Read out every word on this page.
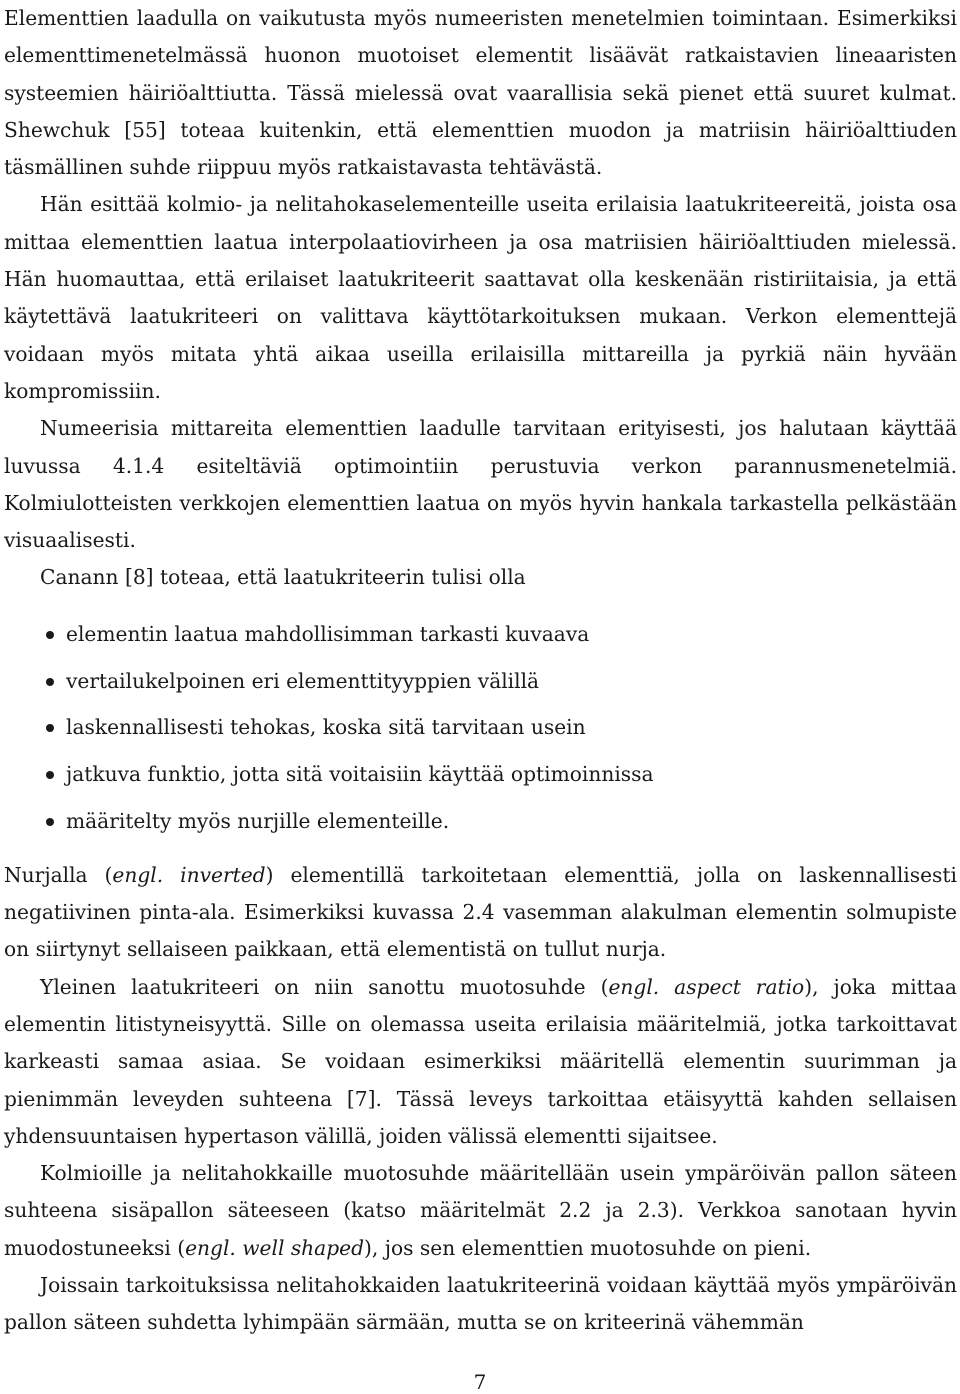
Elementtien laadulla on vaikutusta myös numeeristen menetelmien toimintaan. Esimerkiksi elementtimenetelmässä huonon muotoiset elementit lisäävät ratkaistavien lineaaristen systeemien häiriöalttiutta. Tässä mielessä ovat vaarallisia sekä pienet että suuret kulmat. Shewchuk [55] toteaa kuitenkin, että elementtien muodon ja matriisin häiriöalttiuden täsmällinen suhde riippuu myös ratkaistavasta tehtävästä.

Hän esittää kolmio- ja nelitahokaselementeille useita erilaisia laatukriteereitä, joista osa mittaa elementtien laatua interpolaatiovirheen ja osa matriisien häiriöalttiuden mielessä. Hän huomauttaa, että erilaiset laatukriteerit saattavat olla keskenään ristiriitaisia, ja että käytettävä laatukriteeri on valittava käyttötarkoituksen mukaan. Verkon elementtejä voidaan myös mitata yhtä aikaa useilla erilaisilla mittareilla ja pyrkiä näin hyvään kompromissiin.

Numeerisia mittareita elementtien laadulle tarvitaan erityisesti, jos halutaan käyttää luvussa 4.1.4 esiteltäviä optimointiin perustuvia verkon parannusmenetelmiä. Kolmiulotteisten verkkojen elementtien laatua on myös hyvin hankala tarkastella pelkästään visuaalisesti.

Canann [8] toteaa, että laatukriteerin tulisi olla

elementin laatua mahdollisimman tarkasti kuvaava
vertailukelpoinen eri elementtityyppien välillä
laskennallisesti tehokas, koska sitä tarvitaan usein
jatkuva funktio, jotta sitä voitaisiin käyttää optimoinnissa
määritelty myös nurjille elementeille.

Nurjalla (engl. inverted) elementillä tarkoitetaan elementtiä, jolla on laskennallisesti negatiivinen pinta-ala. Esimerkiksi kuvassa 2.4 vasemman alakulman elementin solmupiste on siirtynyt sellaiseen paikkaan, että elementistä on tullut nurja.

Yleinen laatukriteeri on niin sanottu muotosuhde (engl. aspect ratio), joka mittaa elementin litistyneisyyttä. Sille on olemassa useita erilaisia määritelmiä, jotka tarkoittavat karkeasti samaa asiaa. Se voidaan esimerkiksi määritellä elementin suurimman ja pienimmän leveyden suhteena [7]. Tässä leveys tarkoittaa etäisyyttä kahden sellaisen yhdensuuntaisen hypertason välillä, joiden välissä elementti sijaitsee.

Kolmioille ja nelitahokkaille muotosuhde määritellään usein ympäröivän pallon säteen suhteena sisäpallon säteeseen (katso määritelmät 2.2 ja 2.3). Verkkoa sanotaan hyvin muodostuneeksi (engl. well shaped), jos sen elementtien muotosuhde on pieni.

Joissain tarkoituksissa nelitahokkaiden laatukriteerinä voidaan käyttää myös ympäröivän pallon säteen suhdetta lyhimpään särmään, mutta se on kriteerinä vähemmän

7
